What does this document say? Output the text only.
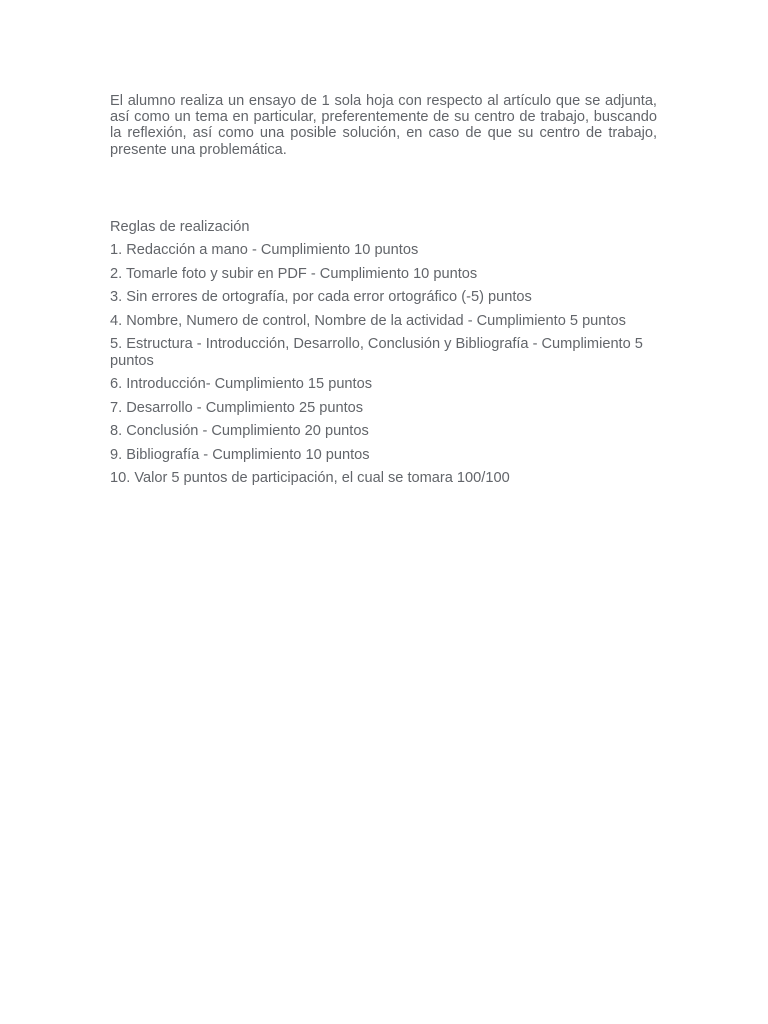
El alumno realiza un ensayo de 1 sola hoja con respecto al artículo que se adjunta, así como un tema en particular, preferentemente de su centro de trabajo, buscando la reflexión, así como una posible solución, en caso de que su centro de trabajo, presente una problemática.

Reglas de realización

1. Redacción a mano - Cumplimiento 10 puntos
2. Tomarle foto y subir en PDF - Cumplimiento 10 puntos
3. Sin errores de ortografía, por cada error ortográfico (-5) puntos
4. Nombre, Numero de control, Nombre de la actividad - Cumplimiento 5 puntos
5. Estructura - Introducción, Desarrollo, Conclusión y Bibliografía - Cumplimiento 5 puntos
6. Introducción- Cumplimiento 15 puntos
7. Desarrollo - Cumplimiento 25 puntos
8. Conclusión - Cumplimiento 20 puntos
9. Bibliografía - Cumplimiento 10 puntos
10. Valor 5 puntos de participación, el cual se tomara 100/100
